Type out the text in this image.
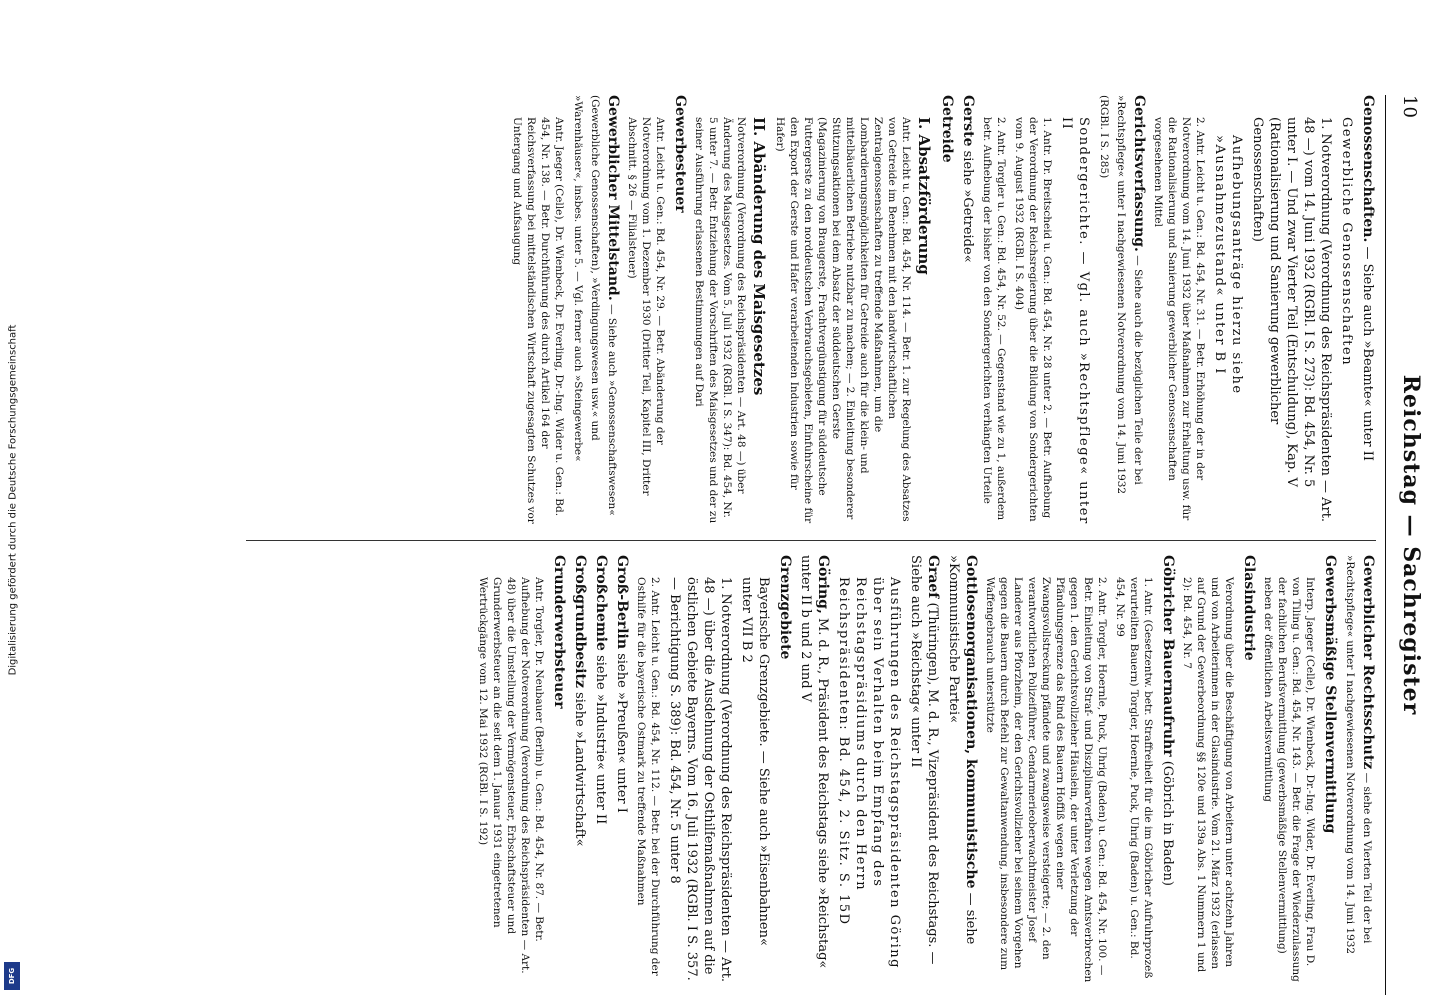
Digitalisierung gefördert durch die Deutsche Forschungsgemeinschaft
DFG
10
Reichstag — Sachregister

Genossenschaften. — Siehe auch »Beamte« unter II

Gewerbliche Genossenschaften

1. Notverordnung (Verordnung des Reichspräsidenten — Art. 48 —) vom 14. Juni 1932 (RGBl. I S. 273): Bd. 454, Nr. 5 unter I. — Und zwar Vierter Teil (Entschuldung), Kap. V (Rationalisierung und Sanierung gewerblicher Genossenschaften)

Aufhebungsanträge hierzu siehe »Ausnahmezustand« unter B I

2. Antr. Leicht u. Gen.: Bd. 454, Nr. 31. — Betr. Erhöhung der in der Notverordnung vom 14. Juni 1932 über Maßnahmen zur Erhaltung usw. für die Rationalisierung und Sanierung gewerblicher Genossenschaften vorgesehenen Mittel

Gerichtsverfassung. — Siehe auch die bezüglichen Teile der bei »Rechtspflege« unter I nachgewiesenen Notverordnung vom 14. Juni 1932 (RGBl. I S. 285)

Sondergerichte. — Vgl. auch »Rechtspflege« unter II

1. Antr. Dr. Breitscheid u. Gen.: Bd. 454, Nr. 28 unter 2. — Betr. Aufhebung der Verordnung der Reichsregierung über die Bildung von Sondergerichten vom 9. August 1932 (RGBl. I S. 404)

2. Antr. Torgler u. Gen.: Bd. 454, Nr. 52. — Gegenstand wie zu 1, außerdem betr. Aufhebung der bisher von den Sondergerichten verhängten Urteile

Gerste siehe »Getreide«

Getreide

I. Absatzförderung

Antr. Leicht u. Gen.: Bd. 454, Nr. 114. — Betr. 1. zur Regelung des Absatzes von Getreide im Benehmen mit den landwirtschaftlichen Zentralgenossenschaften zu treffende Maßnahmen, um die Lombardierungsmöglichkeiten für Getreide auch für die klein- und mittelbäuerlichen Betriebe nutzbar zu machen; — 2. Einleitung besonderer Stützungsaktionen bei dem Absatz der süddeutschen Gerste (Magazinierung von Braugerste, Frachtvergünstigung für süddeutsche Futtergerste zu den norddeutschen Verbrauchsgebieten, Einfuhrscheine für den Export der Gerste und Hafer verarbeitenden Industrien sowie für Hafer)

II. Abänderung des Maisgesetzes

Notverordnung (Verordnung des Reichspräsidenten — Art. 48 —) über Änderung des Maisgesetzes. Vom 5. Juli 1932 (RGBl. I S. 347): Bd. 454, Nr. 5 unter 7. — Betr. Entziehung der Vorschriften des Maisgesetzes und der zu seiner Ausführung erlassenen Bestimmungen auf Dari

Gewerbesteuer

Antr. Leicht u. Gen.: Bd. 454, Nr. 29. — Betr. Abänderung der Notverordnung vom 1. Dezember 1930 (Dritter Teil, Kapitel III, Dritter Abschnitt. § 26 — Filialsteuer)

Gewerblicher Mittelstand. — Siehe auch »Genossenschaftswesen« (Gewerbliche Genossenschaften), »Verdingungswesen usw.« und »Warenhäuser«, insbes. unter 5. — Vgl. ferner auch »Steingewerbe«

Antr. Jaeger (Celle), Dr. Wienbeck, Dr. Everling, Dr.-Ing. Wider u. Gen.: Bd. 454, Nr. 138. — Betr. Durchführung des durch Artikel 164 der Reichsverfassung bei mittelständischen Wirtschaft zugesagten Schutzes vor Untergang und Aufsaugung

Gewerblicher Rechtsschutz — siehe den Vierten Teil der bei »Rechtspflege« unter I nachgewiesenen Notverordnung vom 14. Juni 1932

Gewerbsmäßige Stellenvermittlung

Interp. Jaeger (Celle), Dr. Wienbeck, Dr.-Ing. Wider, Dr. Everling, Frau D. von Tiling u. Gen.: Bd. 454, Nr. 143. — Betr. die Frage der Wiederzulassung der fachlichen Berufsvermittlung (gewerbsmäßige Stellenvermittlung) neben der öffentlichen Arbeitsvermittlung

Glasindustrie

Verordnung über die Beschäftigung von Arbeitern unter achtzehn Jahren und von Arbeiterinnen in der Glasindustrie. Vom 21. März 1932 (erlassen auf Grund der Gewerbeordnung §§ 120e und 139a Abs. 1 Nummern 1 und 2): Bd. 454, Nr. 7

Göbricher Bauernaufruhr (Göbrich in Baden)

1. Antr. (Gesetzentw. betr. Straffreiheit für die im Göbricher Aufruhrprozeß verurteilten Bauern) Torgler, Hoernle, Puck, Uhrig (Baden) u. Gen.: Bd. 454, Nr. 99

2. Antr. Torgler, Hoernle, Puck, Uhrig (Baden) u. Gen.: Bd. 454, Nr. 100. — Betr. Einleitung von Straf- und Disziplinarverfahren wegen Amtsverbrechen gegen 1. den Gerichtsvollzieher Häuslein, der unter Verletzung der Pfändungsgrenze das Rind des Bauern Hoffiß wegen einer Zwangsvollstreckung pfändete und zwangsweise versteigerte; — 2. den verantwortlichen Polizeiführer, Gendarmerieoberwachtmeister Josef Landerer aus Pforzheim, der den Gerichtsvollzieher bei seinem Vorgehen gegen die Bauern durch Befehl zur Gewaltanwendung, insbesondere zum Waffengebrauch unterstützte

Gottlosenorganisationen, kommunistische — siehe »Kommunistische Partei«

Graef (Thüringen), M. d. R., Vizepräsident des Reichstags. — Siehe auch »Reichstag« unter II

Ausführungen des Reichstagspräsidenten Göring über sein Verhalten beim Empfang des Reichstagspräsidiums durch den Herrn Reichspräsidenten: Bd. 454, 2. Sitz. S. 15D

Göring, M. d. R., Präsident des Reichstags siehe »Reichstag« unter II b und 2 und V

Grenzgebiete

Bayerische Grenzgebiete. — Siehe auch »Eisenbahnen« unter VII B 2

1. Notverordnung (Verordnung des Reichspräsidenten — Art. 48 —) über die Ausdehnung der Osthilfemaßnahmen auf die östlichen Gebiete Bayerns. Vom 16. Juli 1932 (RGBl. I S. 357. — Berichtigung S. 389): Bd. 454, Nr. 5 unter 8

2. Antr. Leicht u. Gen.: Bd. 454, Nr. 112. — Betr. bei der Durchführung der Osthilfe für die bayerische Ostmark zu treffende Maßnahmen

Groß-Berlin siehe »Preußen« unter I

Großchemie siehe »Industrie« unter II

Großgrundbesitz siehe »Landwirtschaft«

Grunderwerbsteuer

Antr. Torgler, Dr. Neubauer (Berlin) u. Gen.: Bd. 454, Nr. 87. — Betr. Aufhebung der Notverordnung (Verordnung des Reichspräsidenten — Art. 48) über die Umstellung der Vermögensteuer, Erbschaftsteuer und Grunderwerbsteuer an die seit dem 1. Januar 1931 eingetretenen Wertrückgänge vom 12. Mai 1932 (RGBl. I S. 192)
